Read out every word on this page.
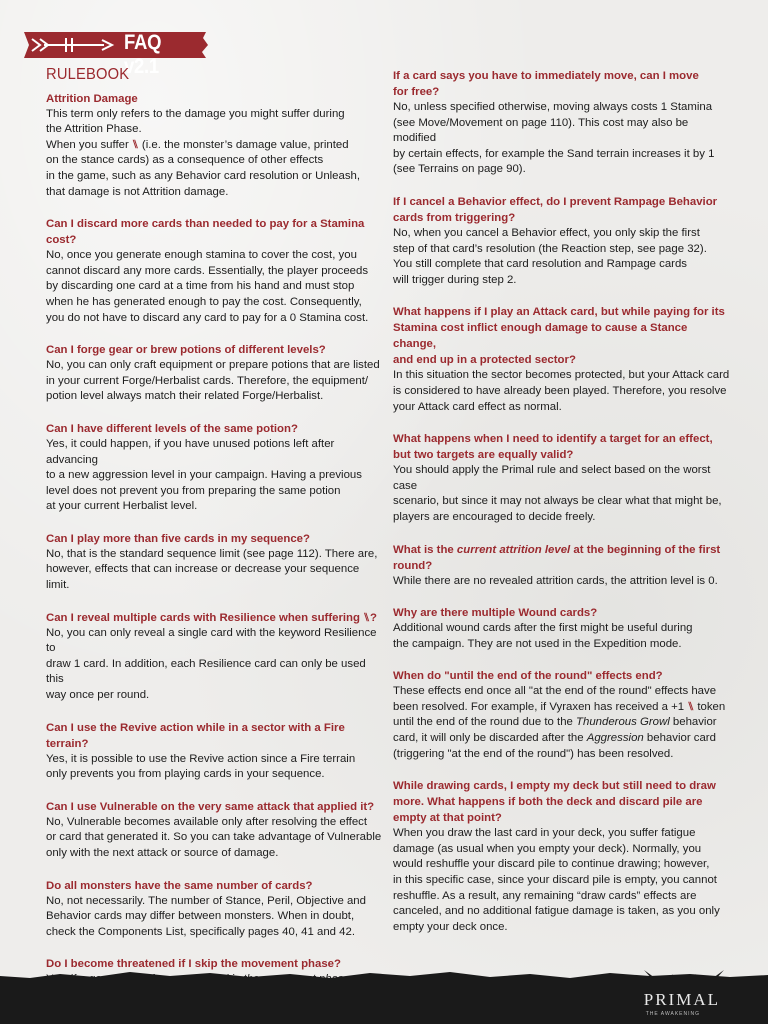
FAQ v2.1
RULEBOOK

Attrition Damage

This term only refers to the damage you might suffer during
the Attrition Phase.
When you suffer ⑊ (i.e. the monster’s damage value, printed
on the stance cards) as a consequence of other effects
in the game, such as any Behavior card resolution or Unleash,
that damage is not Attrition damage.

Can I discard more cards than needed to pay for a Stamina cost?

No, once you generate enough stamina to cover the cost, you
cannot discard any more cards. Essentially, the player proceeds
by discarding one card at a time from his hand and must stop
when he has generated enough to pay the cost. Consequently,
you do not have to discard any card to pay for a 0 Stamina cost.

Can I forge gear or brew potions of different levels?

No, you can only craft equipment or prepare potions that are listed
in your current Forge/Herbalist cards. Therefore, the equipment/
potion level always match their related Forge/Herbalist.

Can I have different levels of the same potion?

Yes, it could happen, if you have unused potions left after advancing
to a new aggression level in your campaign. Having a previous
level does not prevent you from preparing the same potion
at your current Herbalist level.

Can I play more than five cards in my sequence?

No, that is the standard sequence limit (see page 112). There are,
however, effects that can increase or decrease your sequence limit.

Can I reveal multiple cards with Resilience when suffering ⑊?

No, you can only reveal a single card with the keyword Resilience to
draw 1 card. In addition, each Resilience card can only be used this
way once per round.

Can I use the Revive action while in a sector with a Fire terrain?

Yes, it is possible to use the Revive action since a Fire terrain
only prevents you from playing cards in your sequence.

Can I use Vulnerable on the very same attack that applied it?

No, Vulnerable becomes available only after resolving the effect
or card that generated it. So you can take advantage of Vulnerable
only with the next attack or source of damage.

Do all monsters have the same number of cards?

No, not necessarily. The number of Stance, Peril, Objective and
Behavior cards may differ between monsters. When in doubt,
check the Components List, specifically pages 40, 41 and 42.

Do I become threatened if I skip the movement phase?

If a card says you have to immediately move, can I move
for free?

No, unless specified otherwise, moving always costs 1 Stamina
(see Move/Movement on page 110). This cost may also be modified
by certain effects, for example the Sand terrain increases it by 1
(see Terrains on page 90).

If I cancel a Behavior effect, do I prevent Rampage Behavior
cards from triggering?

No, when you cancel a Behavior effect, you only skip the first
step of that card’s resolution (the Reaction step, see page 32).
You still complete that card resolution and Rampage cards
will trigger during step 2.

What happens if I play an Attack card, but while paying for its
Stamina cost inflict enough damage to cause a Stance change,
and end up in a protected sector?

In this situation the sector becomes protected, but your Attack card
is considered to have already been played. Therefore, you resolve
your Attack card effect as normal.

What happens when I need to identify a target for an effect,
but two targets are equally valid?

You should apply the Primal rule and select based on the worst case
scenario, but since it may not always be clear what that might be,
players are encouraged to decide freely.

What is the current attrition level at the beginning of the first
round?

While there are no revealed attrition cards, the attrition level is 0.

Why are there multiple Wound cards?

Additional wound cards after the first might be useful during
the campaign. They are not used in the Expedition mode.

When do "until the end of the round" effects end?

These effects end once all "at the end of the round" effects have
been resolved. For example, if Vyraxen has received a +1 ⑊ token
until the end of the round due to the Thunderous Growl behavior
card, it will only be discarded after the Aggression behavior card
(triggering "at the end of the round") has been resolved.

While drawing cards, I empty my deck but still need to draw
more. What happens if both the deck and discard pile are
empty at that point?

When you draw the last card in your deck, you suffer fatigue
damage (as usual when you empty your deck). Normally, you
would reshuffle your discard pile to continue drawing; however,
in this specific case, since your discard pile is empty, you cannot
reshuffle. As a result, any remaining “draw cards” effects are
canceled, and no additional fatigue damage is taken, as you only
empty your deck once.

PRIMAL
THE AWAKENING
